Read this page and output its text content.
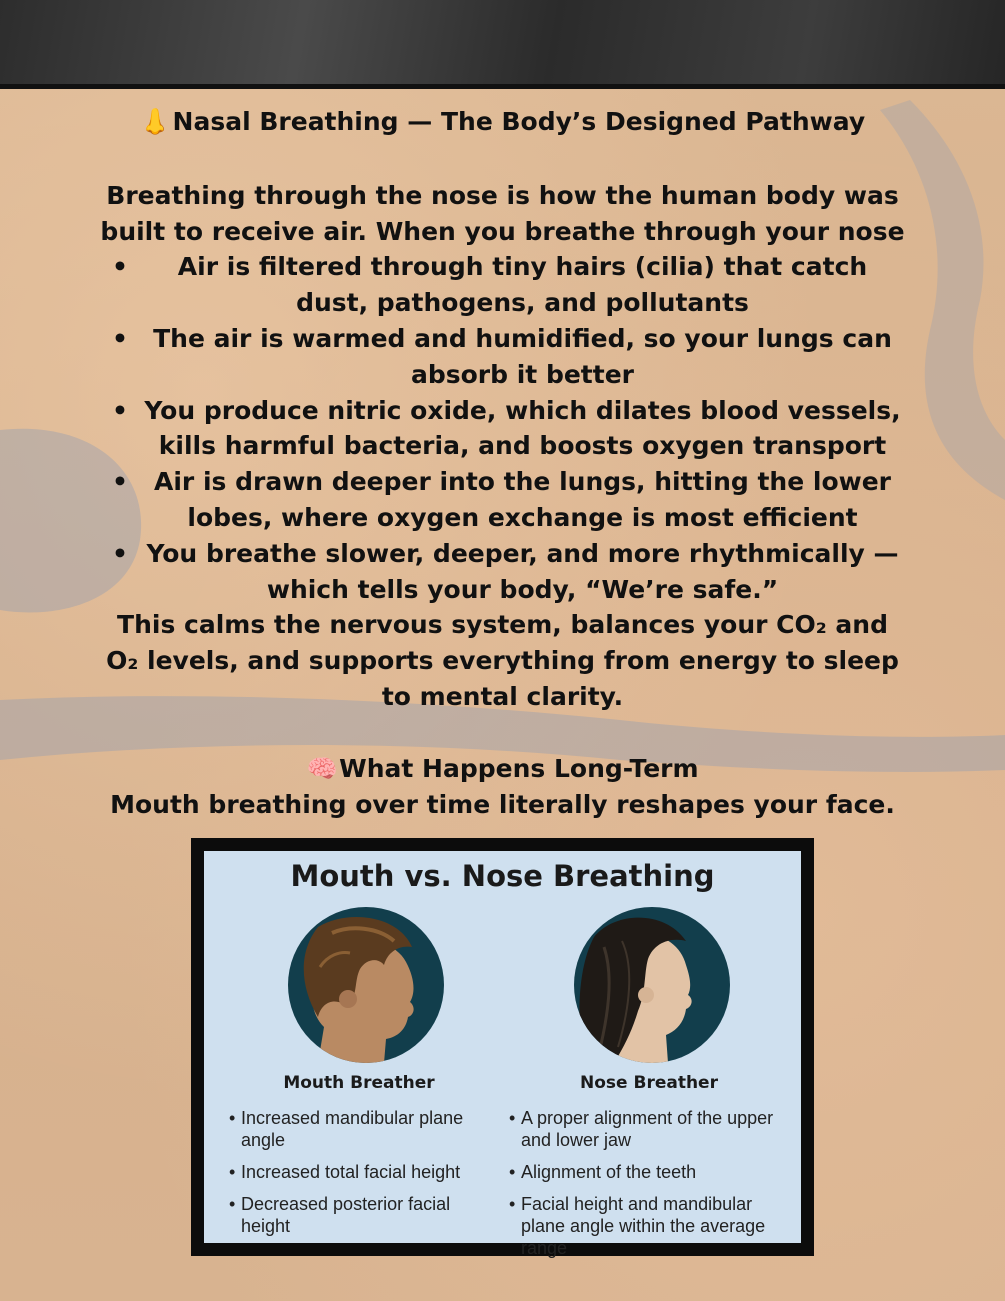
👃 Nasal Breathing — The Body’s Designed Pathway

Breathing through the nose is how the human body was built to receive air. When you breathe through your nose

• Air is filtered through tiny hairs (cilia) that catch dust, pathogens, and pollutants
• The air is warmed and humidified, so your lungs can absorb it better
• You produce nitric oxide, which dilates blood vessels, kills harmful bacteria, and boosts oxygen transport
• Air is drawn deeper into the lungs, hitting the lower lobes, where oxygen exchange is most efficient
• You breathe slower, deeper, and more rhythmically — which tells your body, “We’re safe.”

This calms the nervous system, balances your CO₂ and O₂ levels, and supports everything from energy to sleep to mental clarity.

🧠 What Happens Long-Term

Mouth breathing over time literally reshapes your face.

Mouth vs. Nose Breathing
Mouth Breather
• Increased mandibular plane angle
• Increased total facial height
• Decreased posterior facial height
Nose Breather
• A proper alignment of the upper and lower jaw
• Alignment of the teeth
• Facial height and mandibular plane angle within the average range
